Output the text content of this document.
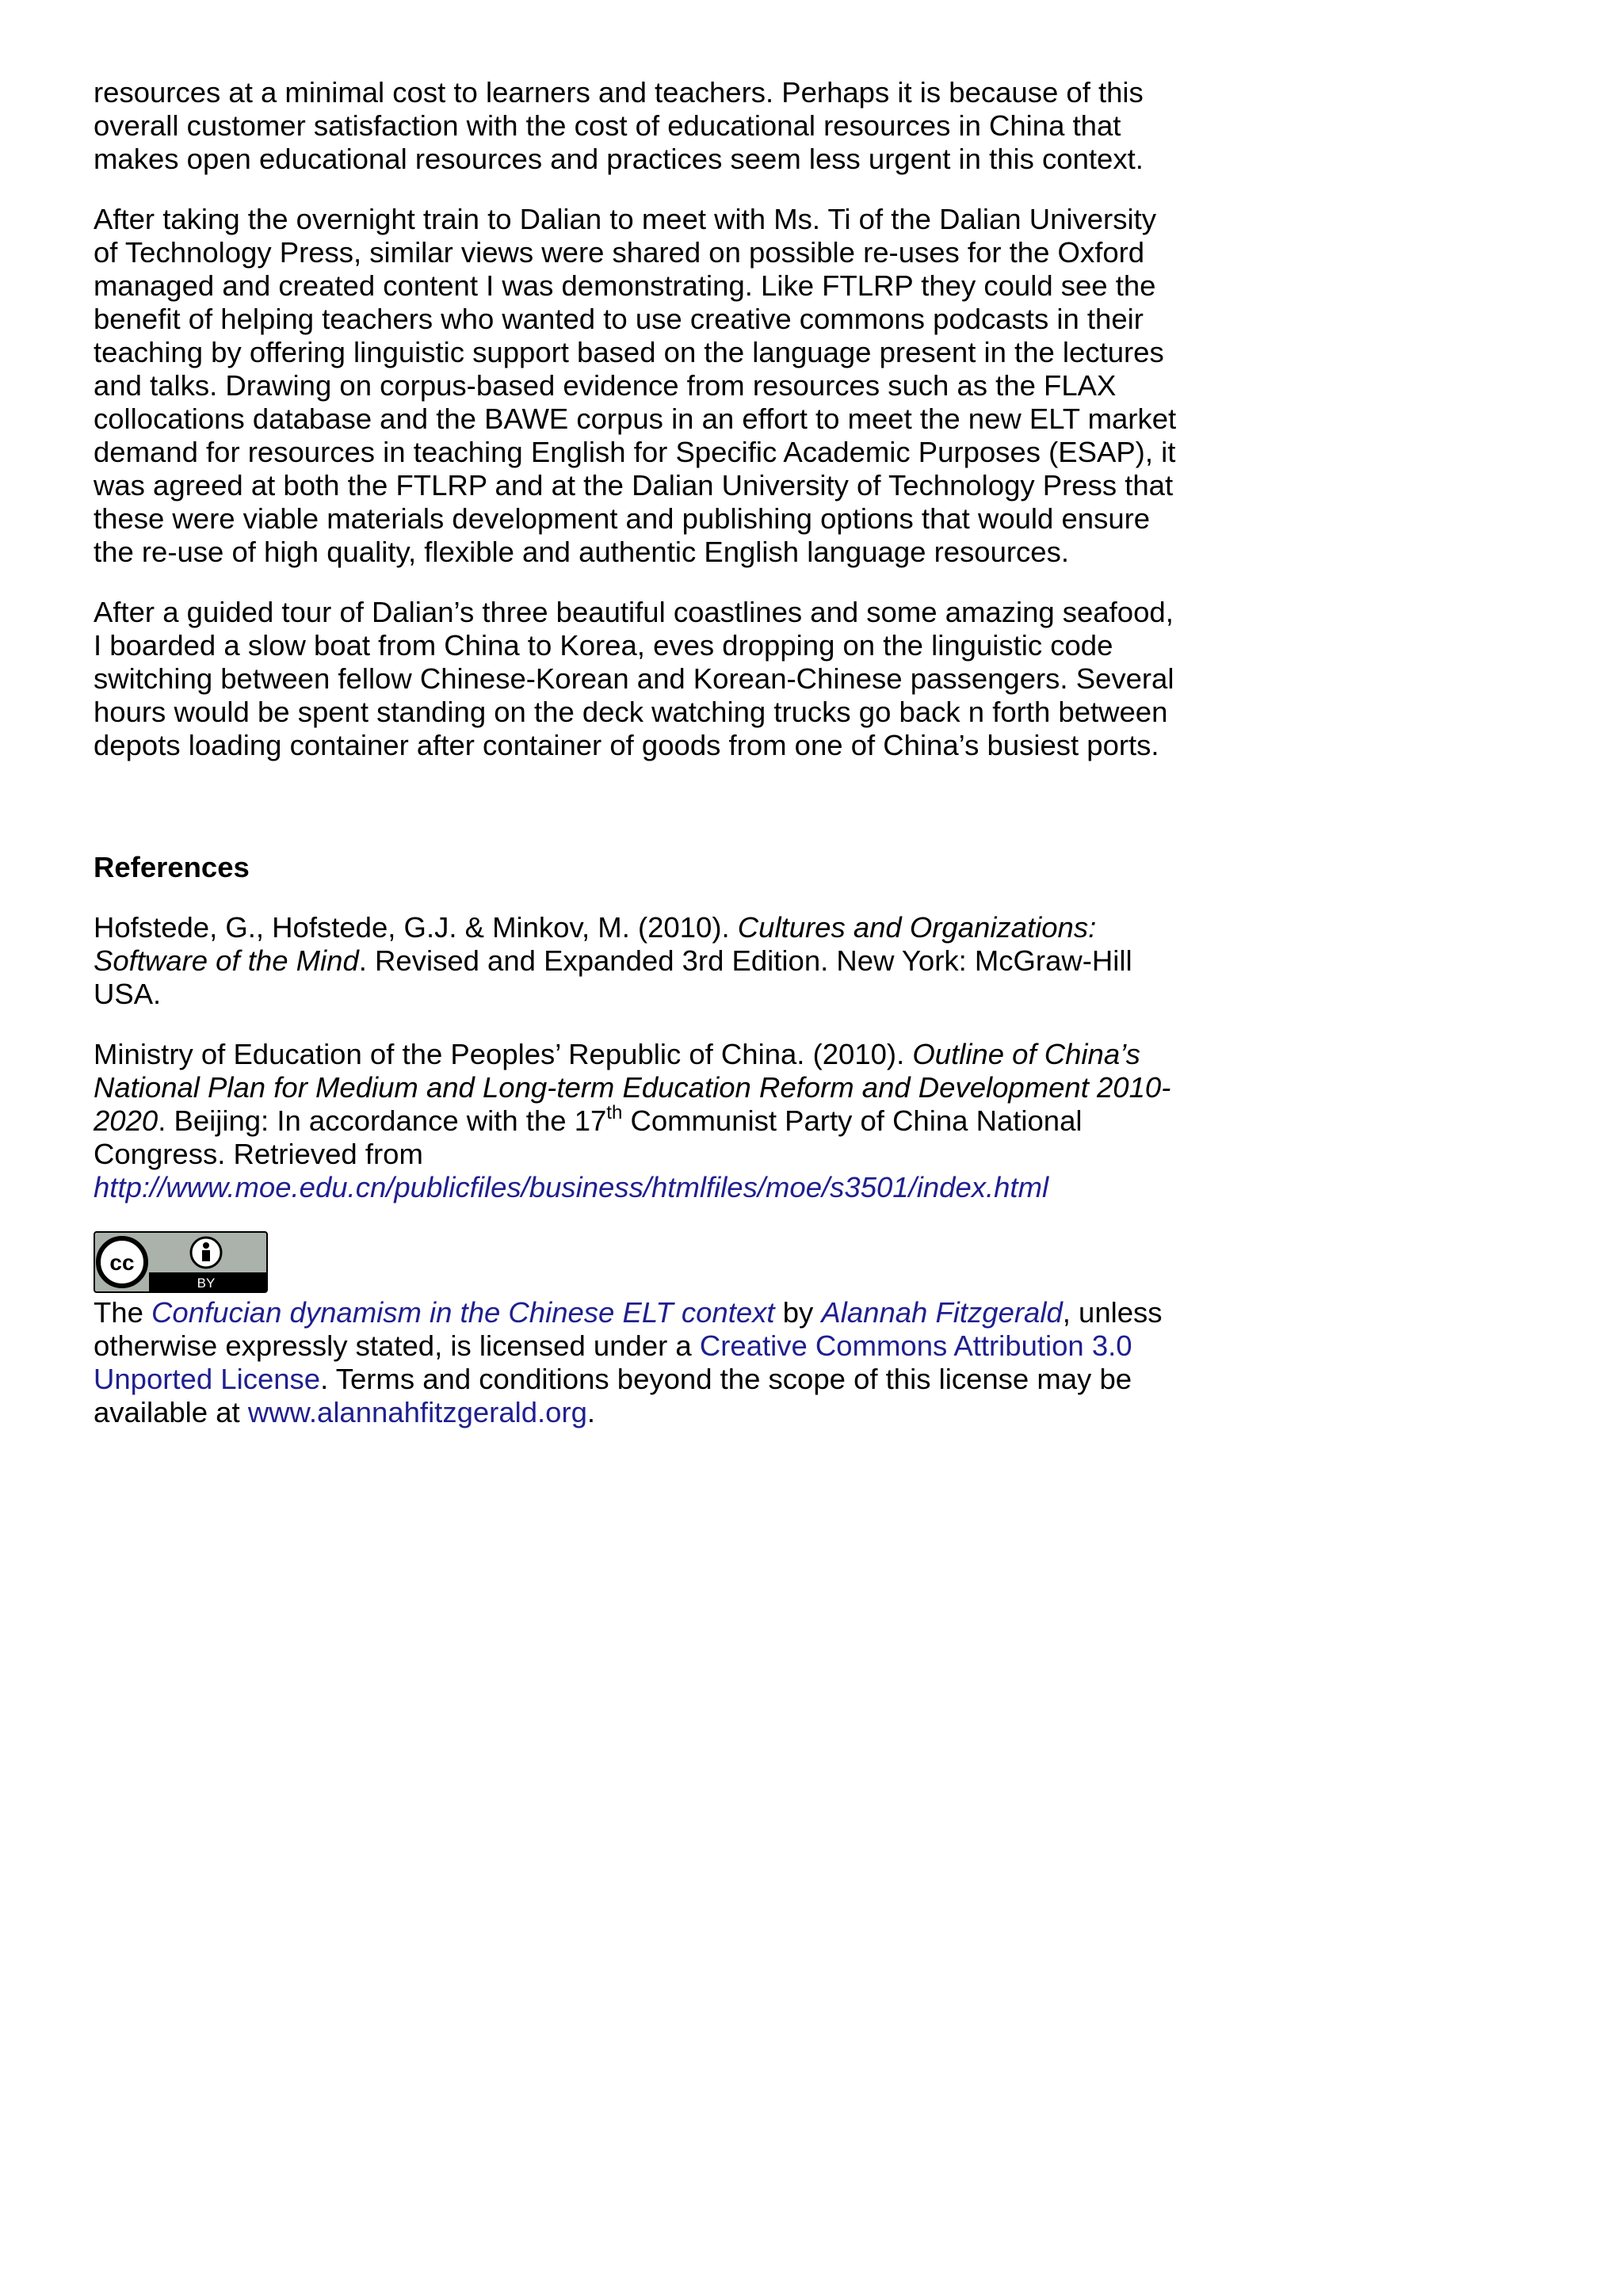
resources at a minimal cost to learners and teachers. Perhaps it is because of this overall customer satisfaction with the cost of educational resources in China that makes open educational resources and practices seem less urgent in this context.

After taking the overnight train to Dalian to meet with Ms. Ti of the Dalian University of Technology Press, similar views were shared on possible re-uses for the Oxford managed and created content I was demonstrating. Like FTLRP they could see the benefit of helping teachers who wanted to use creative commons podcasts in their teaching by offering linguistic support based on the language present in the lectures and talks. Drawing on corpus-based evidence from resources such as the FLAX collocations database and the BAWE corpus in an effort to meet the new ELT market demand for resources in teaching English for Specific Academic Purposes (ESAP), it was agreed at both the FTLRP and at the Dalian University of Technology Press that these were viable materials development and publishing options that would ensure the re-use of high quality, flexible and authentic English language resources.

After a guided tour of Dalian’s three beautiful coastlines and some amazing seafood, I boarded a slow boat from China to Korea, eves dropping on the linguistic code switching between fellow Chinese-Korean and Korean-Chinese passengers. Several hours would be spent standing on the deck watching trucks go back n forth between depots loading container after container of goods from one of China’s busiest ports.

References

Hofstede, G., Hofstede, G.J. & Minkov, M. (2010). Cultures and Organizations: Software of the Mind. Revised and Expanded 3rd Edition. New York: McGraw-Hill USA.

Ministry of Education of the Peoples’ Republic of China. (2010). Outline of China’s National Plan for Medium and Long-term Education Reform and Development 2010-2020. Beijing: In accordance with the 17th Communist Party of China National Congress. Retrieved from http://www.moe.edu.cn/publicfiles/business/htmlfiles/moe/s3501/index.html

cc
BY

The Confucian dynamism in the Chinese ELT context by Alannah Fitzgerald, unless otherwise expressly stated, is licensed under a Creative Commons Attribution 3.0 Unported License. Terms and conditions beyond the scope of this license may be available at www.alannahfitzgerald.org.
